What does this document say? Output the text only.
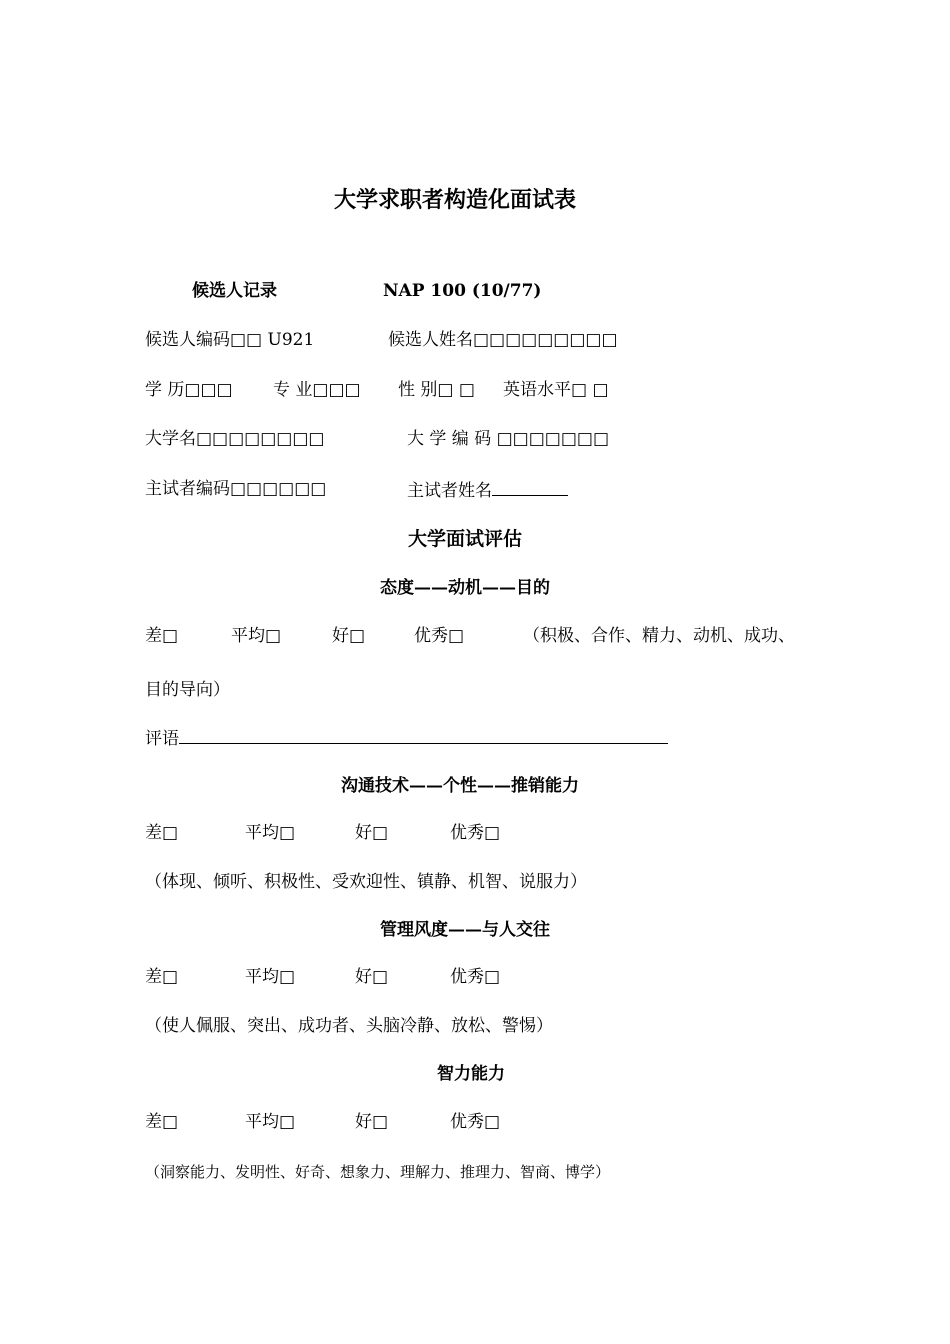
大学求职者构造化面试表
候选人记录	NAP 100 (10/77)
候选人编码□□ U921	候选人姓名□□□□□□□□□
学 历□□□ 专 业□□□ 性 别□ □ 英语水平□ □
大学名□□□□□□□□	大 学 编 码 □□□□□□□
主试者编码□□□□□□	主试者姓名
大学面试评估
态度——动机——目的
差□	平均□	好□	优秀□	（积极、合作、精力、动机、成功、
目的导向）
评语
沟通技术——个性——推销能力
差□	平均□	好□	优秀□
（体现、倾听、积极性、受欢迎性、镇静、机智、说服力）
管理风度——与人交往
差□	平均□	好□	优秀□
（使人佩服、突出、成功者、头脑冷静、放松、警惕）
智力能力
差□	平均□	好□	优秀□
（洞察能力、发明性、好奇、想象力、理解力、推理力、智商、博学）
